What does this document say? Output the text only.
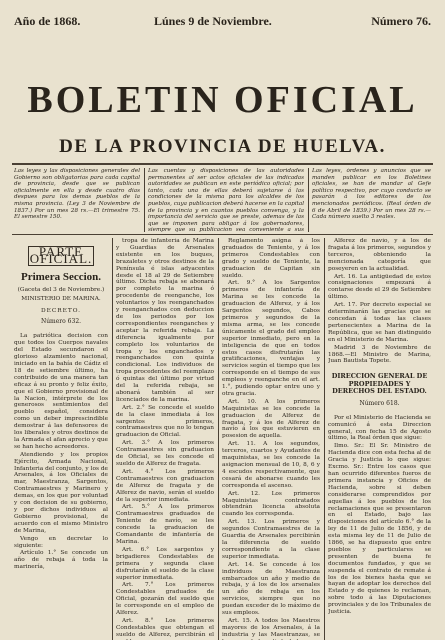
Año de 1868.	Lúnes 9 de Noviembre.	Número 76.
BOLETIN OFICIAL
DE LA PROVINCIA DE HUELVA.
Las leyes y las disposiciones generales del Gobierno son obligatorias para cada capital de provincia, desde que se publican oficialmente en ella y desde cuatro dias despues para los demas pueblos de la misma provincia. (Ley 3 de Noviembre de 1837.) Por un mes 28 rs.—El trimestre 75. El semestre 150.
Las cuentas y disposiciones de las autoridades permanentes al ser actos oficiales de las indicadas autoridades se publican en este periódico oficial; por tanto, cada una de ellas deberá sujetarse á las condiciones de la misma para los alcaldes de los pueblos, cuya publicacion deberá hacerse en la capital de la provincia y en cuantos pueblos convenga, y la importancia del servicio que se preste, ademas de las que se imponen para obligar á los gobernadores, siempre que su publicacion sea conveniente a sus
Las leyes, órdenes y anuncios que se manden publicar en los Boletines oficiales, se han de mandar al Gefe político respectivo, por cuyo conducto se pasarán á los editores de los mencionados periódicos. (Real órden de 6 de Abril de 1839.) Por un mes 28 rs.—Cada número suelto 3 reales.
PARTE OFICIAL.
Primera Seccion.
(Gaceta del 3 de Noviembre.)
MINISTERIO DE MARINA.
DECRETO.
Número 632.

La patriótica decision con que todos los Cuerpos navales del Estado secundaron el glorioso alzamiento nacional, iniciado en la bahía de Cádiz el 18 de setiembre último, ha contribuido de una manera tan eficaz á su pronto y feliz éxito, que el Gobierno provisional de la Nacion, intérprete de los generosos sentimientos del pueblo español, considera como un deber imprescindible demostrar á las defensores de los liberales y otros destinos de la Armada el afan aprecio y que se han hecho acreedores.

Atendiendo y los propios Ejército, Armada Nacional, Infanteria del conjunto, y los de Arsenales, á los Oficiales de mar, Maestranza, Sargentos, Contramaestres y Marinero y demas, en los que por voluntad y con decision de su gobierno, y por dichos individuos al Gobierno provisional, de acuerdo con el mismo Ministro de Marina,

Vengo en decretar lo siguiente:

Artículo 1.° Se concede un año de rebaja á toda la marinería,

tropa de infantería de Marina y Guardias de Arsenales existente en los buques, brazaletes y otros destinos de la Península é islas adyacentes desde el 18 al 29 de Setiembre último. Dicha rebaja se abonará por completo la marina ó procedente de reenganche, los voluntarios y los reenganchados y reenganchados con deduccion de los periodos por los correspondientes reenganches y aceptar la referida rebaja. La diferencia igualmente por completo los voluntarios de tropa y los enganchados y reenganchados con quinta condicional. Los individuos de tropa procedentes del reemplazo ó quintas del último por virtud del la referida rebaja, se abonará también al ser licenciados de la marina.

Art. 2.° Se concede el sueldo de la clase inmediata á los sargentos primeros, contramaestres que no lo tengan graduacion de Oficial.

Art. 3.° A los primeros Contramaestres sin graduacion de Oficial, se les concede el sueldo de Alferez de fragata.

Art. 4.° Los primeros Contramaestres con graduacion de Alferez de fragata y de Alferez de navio, serán el sueldo de la superior inmediata.

Art. 5.° A los primeros Contramaestres graduados de Teniente de navío, se les concede la graduacion de Comandante de infantería de Marina.

Art. 6.° Los sargentos y brigadieres Condestables de primera y segunda clase disfrutarán el sueldo de la clase superior inmediata.

Art. 7.° Los primeros Condestables graduados de Oficial, gozarán del sueldo que le corresponde en el empleo de Alferez.

Art. 8.° Los primeros Condestables que obtengan el sueldo de Alferez, percibirán el

Reglamento asigna á los graduados de Teniente, y á los primeros Condestables con grado y sueldo de Teniente, la graduacion de Capitan sin sueldo.

Art. 9.° A los Sargentos primeros de infantería de Marina se les concede la graduacion de Alferez, y á los Sargentos segundos, Cabos primeros y segundos de la misma arma, se les concede únicamente el grado del empleo superior inmediato, pero en la inteligencia de que en todos estos casos disfrutarán las gratificaciones, ventajas y servicios según el tiempo que les corresponde en el tiempo de sus empleos y reenganche en el art. 1.°, pudiendo optar entre uno y otra gracia.

Art. 10. A los primeros Maquinistas se les concede la graduacion de Alferez de fragata, y á los de Alferez de navío á los que estuvieren en posesion de aquella.

Art. 11. A los segundos, terceros, cuartos y Ayudantes de maquinistas, se les concede la asignacion mensual de 10, 8, 6 y 4 escudos respectivamente, que cesará de abonarse cuando les corresponda el ascenso.

Art. 12. Los primeros Maquinistas contratados obtendrán licencia absoluta cuando les corresponda.

Art. 13. Los primeros y segundos Contramaestres de la Guardia de Arsenales percibirán la diferencia de sueldo correspondiente a la clase superior inmediata.

Art. 14. Se concede á los individuos de Maestranza embarcados un año y medio de rebaja, y á los de los arsenales un año de rebaja en los servicios, siempre que no puedan exceder de lo máximo de sus empleos.

Art. 15. A todos los Maestros mayores de los Arsenales, á la industria y las Maestranzas, se

Alferez de navío, y á los de fragata á los primeros, segundos y terceros, obteniendo la mencionada categoría que poseyeren en la actualidad.

Art. 16. La antigüedad de estos consignaciones empezará á contarse desde el 29 de Setiembre último.

Art. 17. Por decreto especial se determinarán las gracias que se concedan á todas las clases pertenecientes a Marina de la República, que se han distinguido en el Ministerio de Marina.

Madrid 3 de Noviembre de 1868.—El Ministro de Marina, Juan Bautista Topete.

DIRECCION GENERAL DE PROPIEDADES Y DERECHOS DEL ESTADO.
Número 618.

Por el Ministerio de Hacienda se comunicó á esta Direccion general, con fecha 15 de Agosto último, la Real órden que sigue:

Ilmo. Sr.: El Sr. Ministro de Hacienda dice con esta fecha al de Gracia y Justicia lo que sigue: Excmo. Sr.: Entre los casos que han ocurrido diferentes fueros de primera instancia y Oficios de Hacienda, sobre si deben considerarse comprendidos por aquellas á los pueblos de los reclamaciones que se presentaron en el Estado, bajo las disposiciones del artículo 6.° de la ley de 11 de Julio de 1856, y de esta misma ley de 11 de Julio de 1866, se ha dispuesto que entre pueblos y particulares se presenten de buena fe documentos fundados, y que se suspenda el contrato de remate á los de los bienes hasta que se hayan de adoptar los derechos del Estado y de quienes lo reclaman, sobre todo á las Diputaciones provinciales y de los Tribunales de Justicia.
